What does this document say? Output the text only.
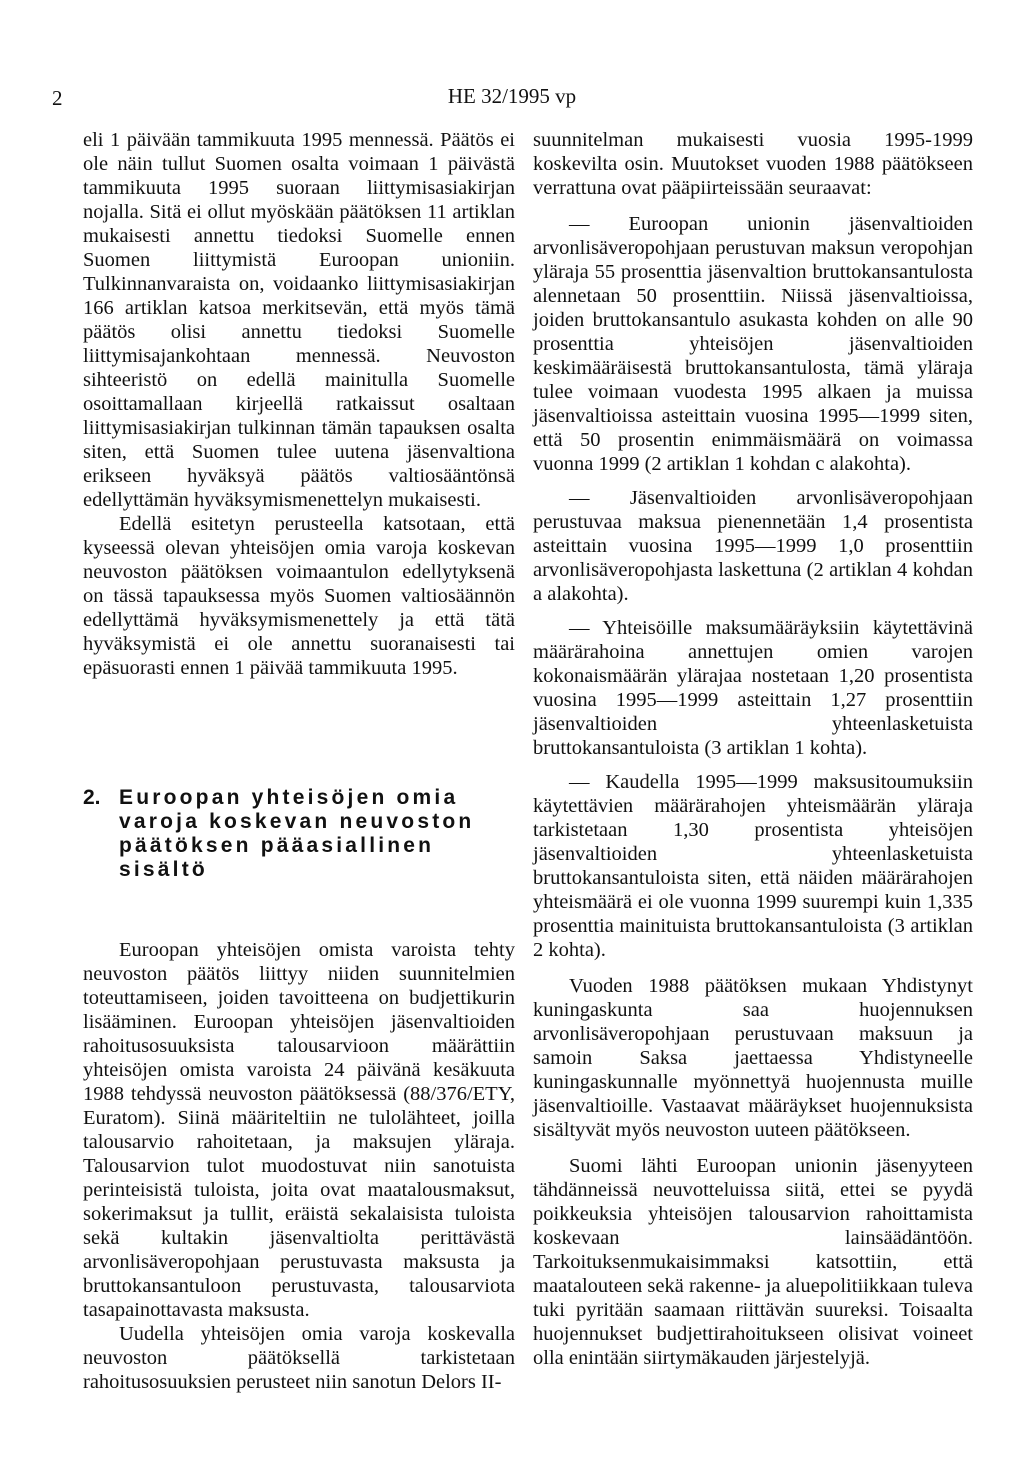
2	HE 32/1995 vp

eli 1 päivään tammikuuta 1995 mennessä. Päätös ei ole näin tullut Suomen osalta voimaan 1 päivästä tammikuuta 1995 suoraan liittymisasiakirjan nojalla. Sitä ei ollut myöskään päätöksen 11 artiklan mukaisesti annettu tiedoksi Suomelle ennen Suomen liittymistä Euroopan unioniin. Tulkinnanvaraista on, voidaanko liittymisasiakirjan 166 artiklan katsoa merkitsevän, että myös tämä päätös olisi annettu tiedoksi Suomelle liittymisajankohtaan mennessä. Neuvoston sihteeristö on edellä mainitulla Suomelle osoittamallaan kirjeellä ratkaissut osaltaan liittymisasiakirjan tulkinnan tämän tapauksen osalta siten, että Suomen tulee uutena jäsenvaltiona erikseen hyväksyä päätös valtiosääntönsä edellyttämän hyväksymismenettelyn mukaisesti.

Edellä esitetyn perusteella katsotaan, että kyseessä olevan yhteisöjen omia varoja koskevan neuvoston päätöksen voimaantulon edellytyksenä on tässä tapauksessa myös Suomen valtiosäännön edellyttämä hyväksymismenettely ja että tätä hyväksymistä ei ole annettu suoranaisesti tai epäsuorasti ennen 1 päivää tammikuuta 1995.

2. Euroopan yhteisöjen omia varoja koskevan neuvoston päätöksen pääasiallinen sisältö

Euroopan yhteisöjen omista varoista tehty neuvoston päätös liittyy niiden suunnitelmien toteuttamiseen, joiden tavoitteena on budjettikurin lisääminen. Euroopan yhteisöjen jäsenvaltioiden rahoitusosuuksista talousarvioon määrättiin yhteisöjen omista varoista 24 päivänä kesäkuuta 1988 tehdyssä neuvoston päätöksessä (88/376/ETY, Euratom). Siinä määriteltiin ne tulolähteet, joilla talousarvio rahoitetaan, ja maksujen yläraja. Talousarvion tulot muodostuvat niin sanotuista perinteisistä tuloista, joita ovat maatalousmaksut, sokerimaksut ja tullit, eräistä sekalaisista tuloista sekä kultakin jäsenvaltiolta perittävästä arvonlisäveropohjaan perustuvasta maksusta ja bruttokansantuloon perustuvasta, talousarviota tasapainottavasta maksusta.

Uudella yhteisöjen omia varoja koskevalla neuvoston päätöksellä tarkistetaan rahoitusosuuksien perusteet niin sanotun Delors II-

suunnitelman mukaisesti vuosia 1995-1999 koskevilta osin. Muutokset vuoden 1988 päätökseen verrattuna ovat pääpiirteissään seuraavat:

— Euroopan unionin jäsenvaltioiden arvonlisäveropohjaan perustuvan maksun veropohjan yläraja 55 prosenttia jäsenvaltion bruttokansantulosta alennetaan 50 prosenttiin. Niissä jäsenvaltioissa, joiden bruttokansantulo asukasta kohden on alle 90 prosenttia yhteisöjen jäsenvaltioiden keskimääräisestä bruttokansantulosta, tämä yläraja tulee voimaan vuodesta 1995 alkaen ja muissa jäsenvaltioissa asteittain vuosina 1995—1999 siten, että 50 prosentin enimmäismäärä on voimassa vuonna 1999 (2 artiklan 1 kohdan c alakohta).

— Jäsenvaltioiden arvonlisäveropohjaan perustuvaa maksua pienennetään 1,4 prosentista asteittain vuosina 1995—1999 1,0 prosenttiin arvonlisäveropohjasta laskettuna (2 artiklan 4 kohdan a alakohta).

— Yhteisöille maksumääräyksiin käytettävinä määrärahoina annettujen omien varojen kokonaismäärän ylärajaa nostetaan 1,20 prosentista vuosina 1995—1999 asteittain 1,27 prosenttiin jäsenvaltioiden yhteenlasketuista bruttokansantuloista (3 artiklan 1 kohta).

— Kaudella 1995—1999 maksusitoumuksiin käytettävien määrärahojen yhteismäärän ylärajа tarkistetaan 1,30 prosentista yhteisöjen jäsenvaltioiden yhteenlasketuista bruttokansantuloista siten, että näiden määrärahojen yhteismäärä ei ole vuonna 1999 suurempi kuin 1,335 prosenttia mainituista bruttokansantuloista (3 artiklan 2 kohta).

Vuoden 1988 päätöksen mukaan Yhdistynyt kuningaskunta saa huojennuksen arvonlisäveropohjaan perustuvaan maksuun ja samoin Saksa jaettaessa Yhdistyneelle kuningaskunnalle myönnettyä huojennusta muille jäsenvaltioille. Vastaavat määräykset huojennuksista sisältyvät myös neuvoston uuteen päätökseen.

Suomi lähti Euroopan unionin jäsenyyteen tähdänneissä neuvotteluissa siitä, ettei se pyydä poikkeuksia yhteisöjen talousarvion rahoittamista koskevaan lainsäädäntöön. Tarkoituksenmukaisimmaksi katsottiin, että maatalouteen sekä rakenne- ja aluepolitiikkaan tuleva tuki pyritään saamaan riittävän suureksi. Toisaalta huojennukset budjettirahoitukseen olisivat voineet olla enintään siirtymäkauden järjestelyjä.
